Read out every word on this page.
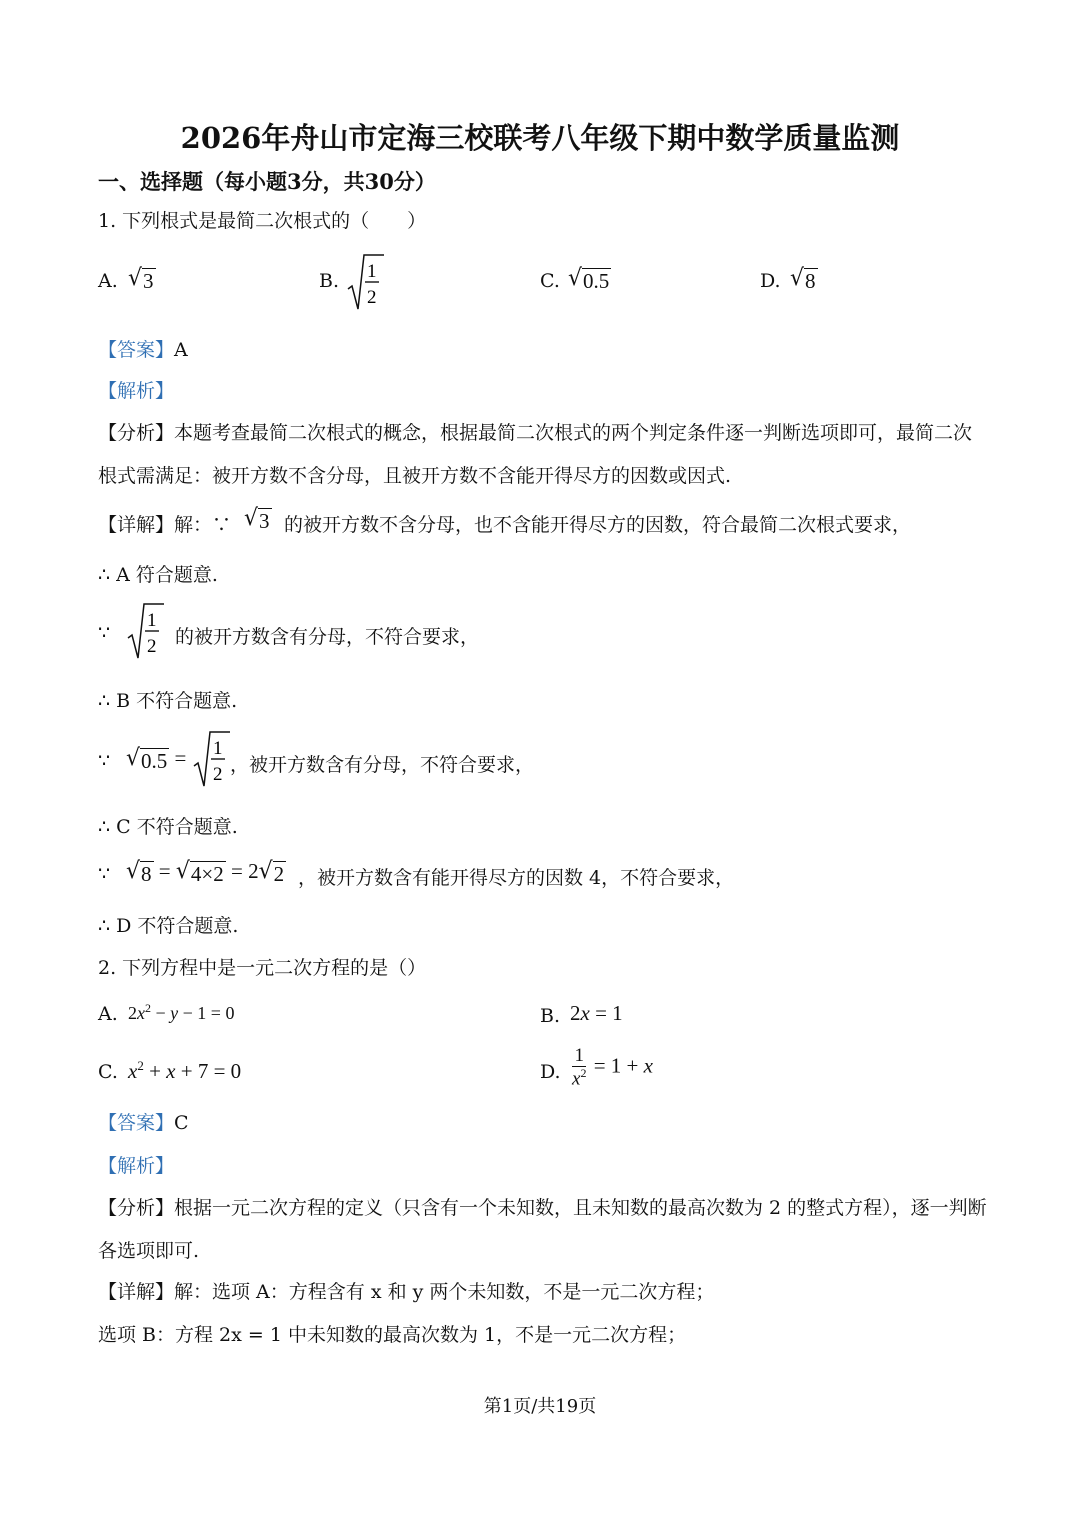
2026年舟山市定海三校联考八年级下期中数学质量监测
一、选择题（每小题3分，共30分）
1. 下列根式是最简二次根式的（　　）
A. √ 3	B. 1
2
C. √ 0.5	D. √ 8
【答案】A
【解析】
【分析】本题考查最简二次根式的概念，根据最简二次根式的两个判定条件逐一判断选项即可，最简二次
根式需满足：被开方数不含分母，且被开方数不含能开得尽方的因数或因式.
【详解】解：∵ √ 3 的被开方数不含分母，也不含能开得尽方的因数，符合最简二次根式要求，
∴ A 符合题意.
∵
1
2 的被开方数含有分母，不符合要求，
∴ B 不符合题意.
∵ √ 0.5 = 1
2 ，被开方数含有分母，不符合要求，
∴ C 不符合题意.
∵ √ 8 = √ 4×2 = 2 √ 2 ，被开方数含有能开得尽方的因数 4，不符合要求，
∴ D 不符合题意.
2. 下列方程中是一元二次方程的是（）
A. $2x^2 - y - 1 = 0$	B. 2x = 1
C. $x^2 + x + 7 = 0$	D. $\frac{1}{x^2} = 1 + x$
【答案】C
【解析】
【分析】根据一元二次方程的定义（只含有一个未知数，且未知数的最高次数为 2 的整式方程），逐一判断
各选项即可.
【详解】解：选项 A：方程含有 x 和 y 两个未知数，不是一元二次方程；
选项 B：方程 2x = 1 中未知数的最高次数为 1，不是一元二次方程；
第1页/共19页
